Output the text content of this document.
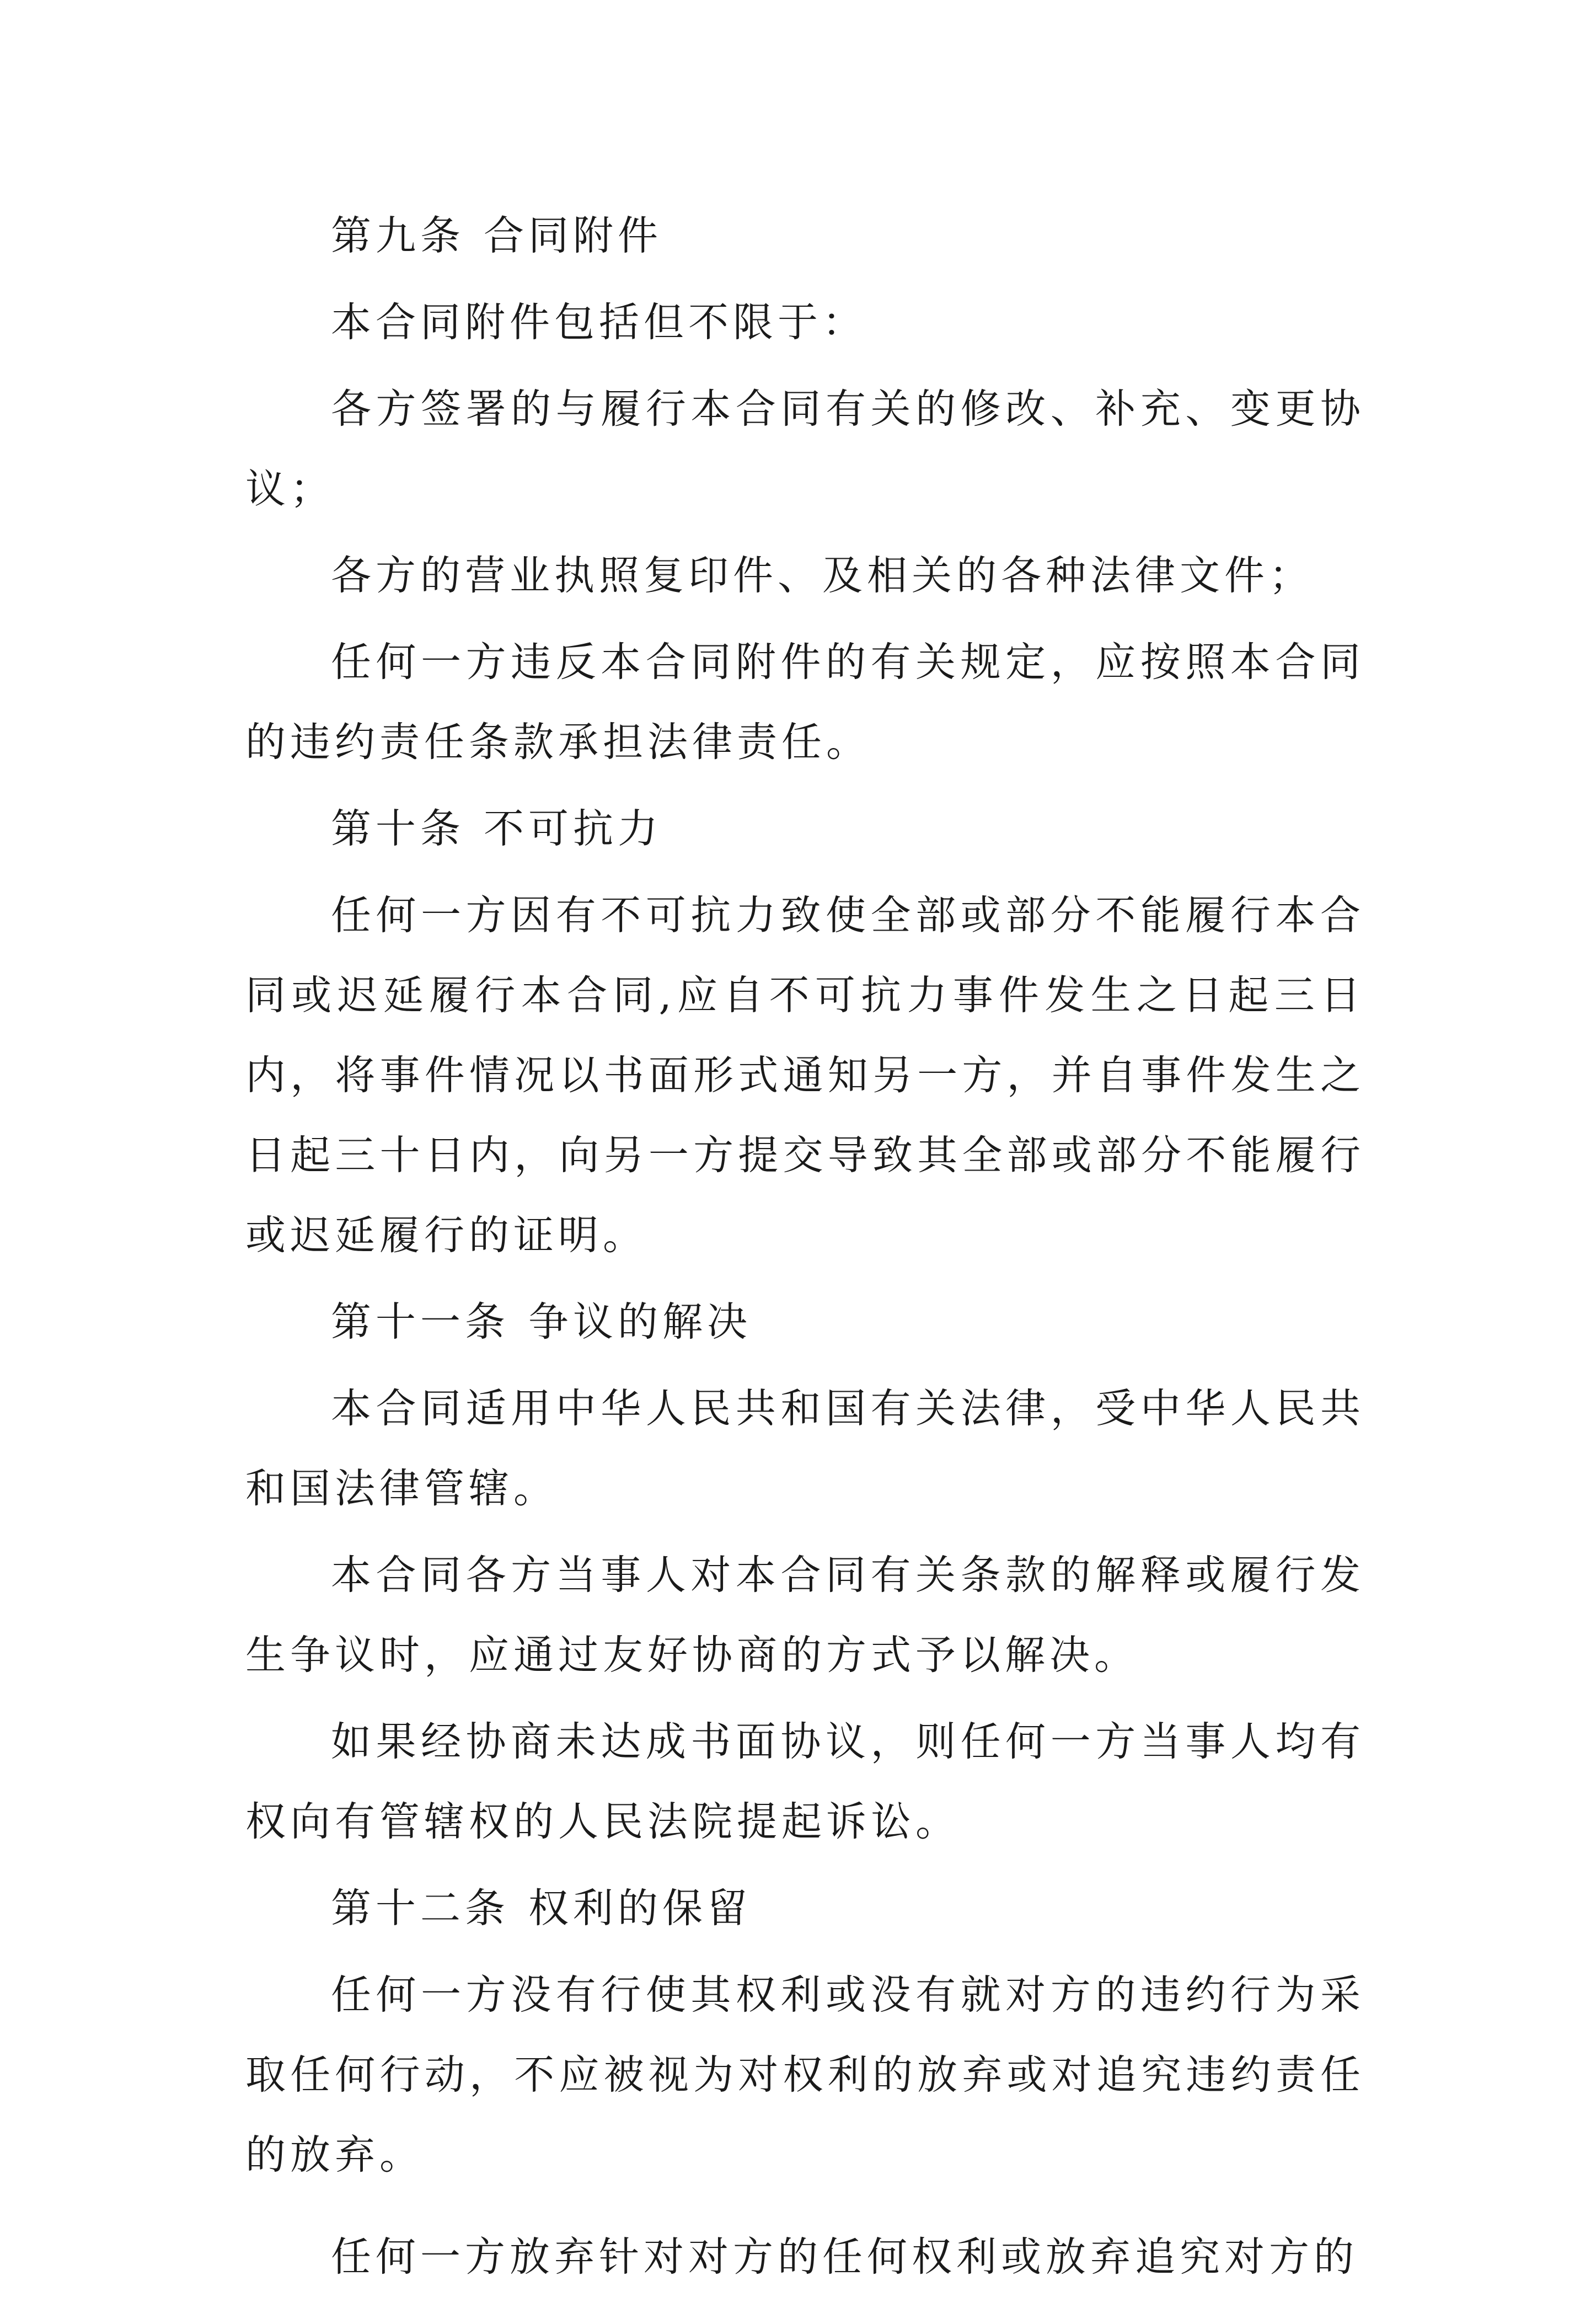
第九条 合同附件

本合同附件包括但不限于：

各方签署的与履行本合同有关的修改、补充、变更协议；

各方的营业执照复印件、及相关的各种法律文件；

任何一方违反本合同附件的有关规定，应按照本合同的违约责任条款承担法律责任。

第十条 不可抗力

任何一方因有不可抗力致使全部或部分不能履行本合同或迟延履行本合同,应自不可抗力事件发生之日起三日内，将事件情况以书面形式通知另一方，并自事件发生之日起三十日内，向另一方提交导致其全部或部分不能履行或迟延履行的证明。

第十一条 争议的解决

本合同适用中华人民共和国有关法律，受中华人民共和国法律管辖。

本合同各方当事人对本合同有关条款的解释或履行发生争议时，应通过友好协商的方式予以解决。

如果经协商未达成书面协议，则任何一方当事人均有权向有管辖权的人民法院提起诉讼。

第十二条 权利的保留

任何一方没有行使其权利或没有就对方的违约行为采取任何行动，不应被视为对权利的放弃或对追究违约责任的放弃。

任何一方放弃针对对方的任何权利或放弃追究对方的
